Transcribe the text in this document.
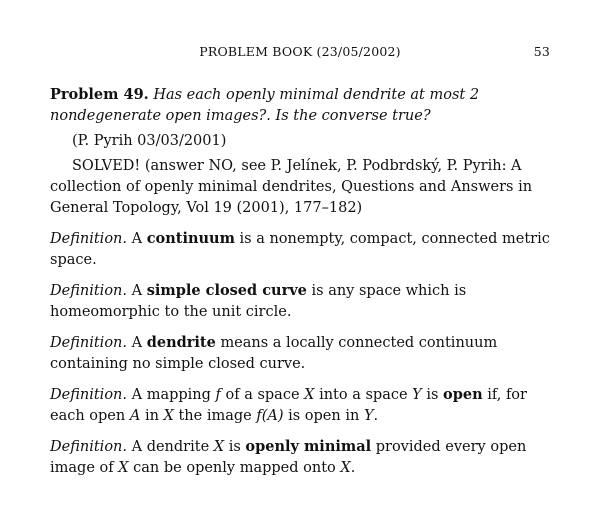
PROBLEM BOOK (23/05/2002)	53

Problem 49. Has each openly minimal dendrite at most 2 nondegenerate open images?. Is the converse true?

(P. Pyrih 03/03/2001)

SOLVED! (answer NO, see P. Jelínek, P. Podbrdský, P. Pyrih: A collection of openly minimal dendrites, Questions and Answers in General Topology, Vol 19 (2001), 177–182)

Definition. A continuum is a nonempty, compact, connected metric space.

Definition. A simple closed curve is any space which is homeomorphic to the unit circle.

Definition. A dendrite means a locally connected continuum containing no simple closed curve.

Definition. A mapping f of a space X into a space Y is open if, for each open A in X the image f(A) is open in Y.

Definition. A dendrite X is openly minimal provided every open image of X can be openly mapped onto X.
